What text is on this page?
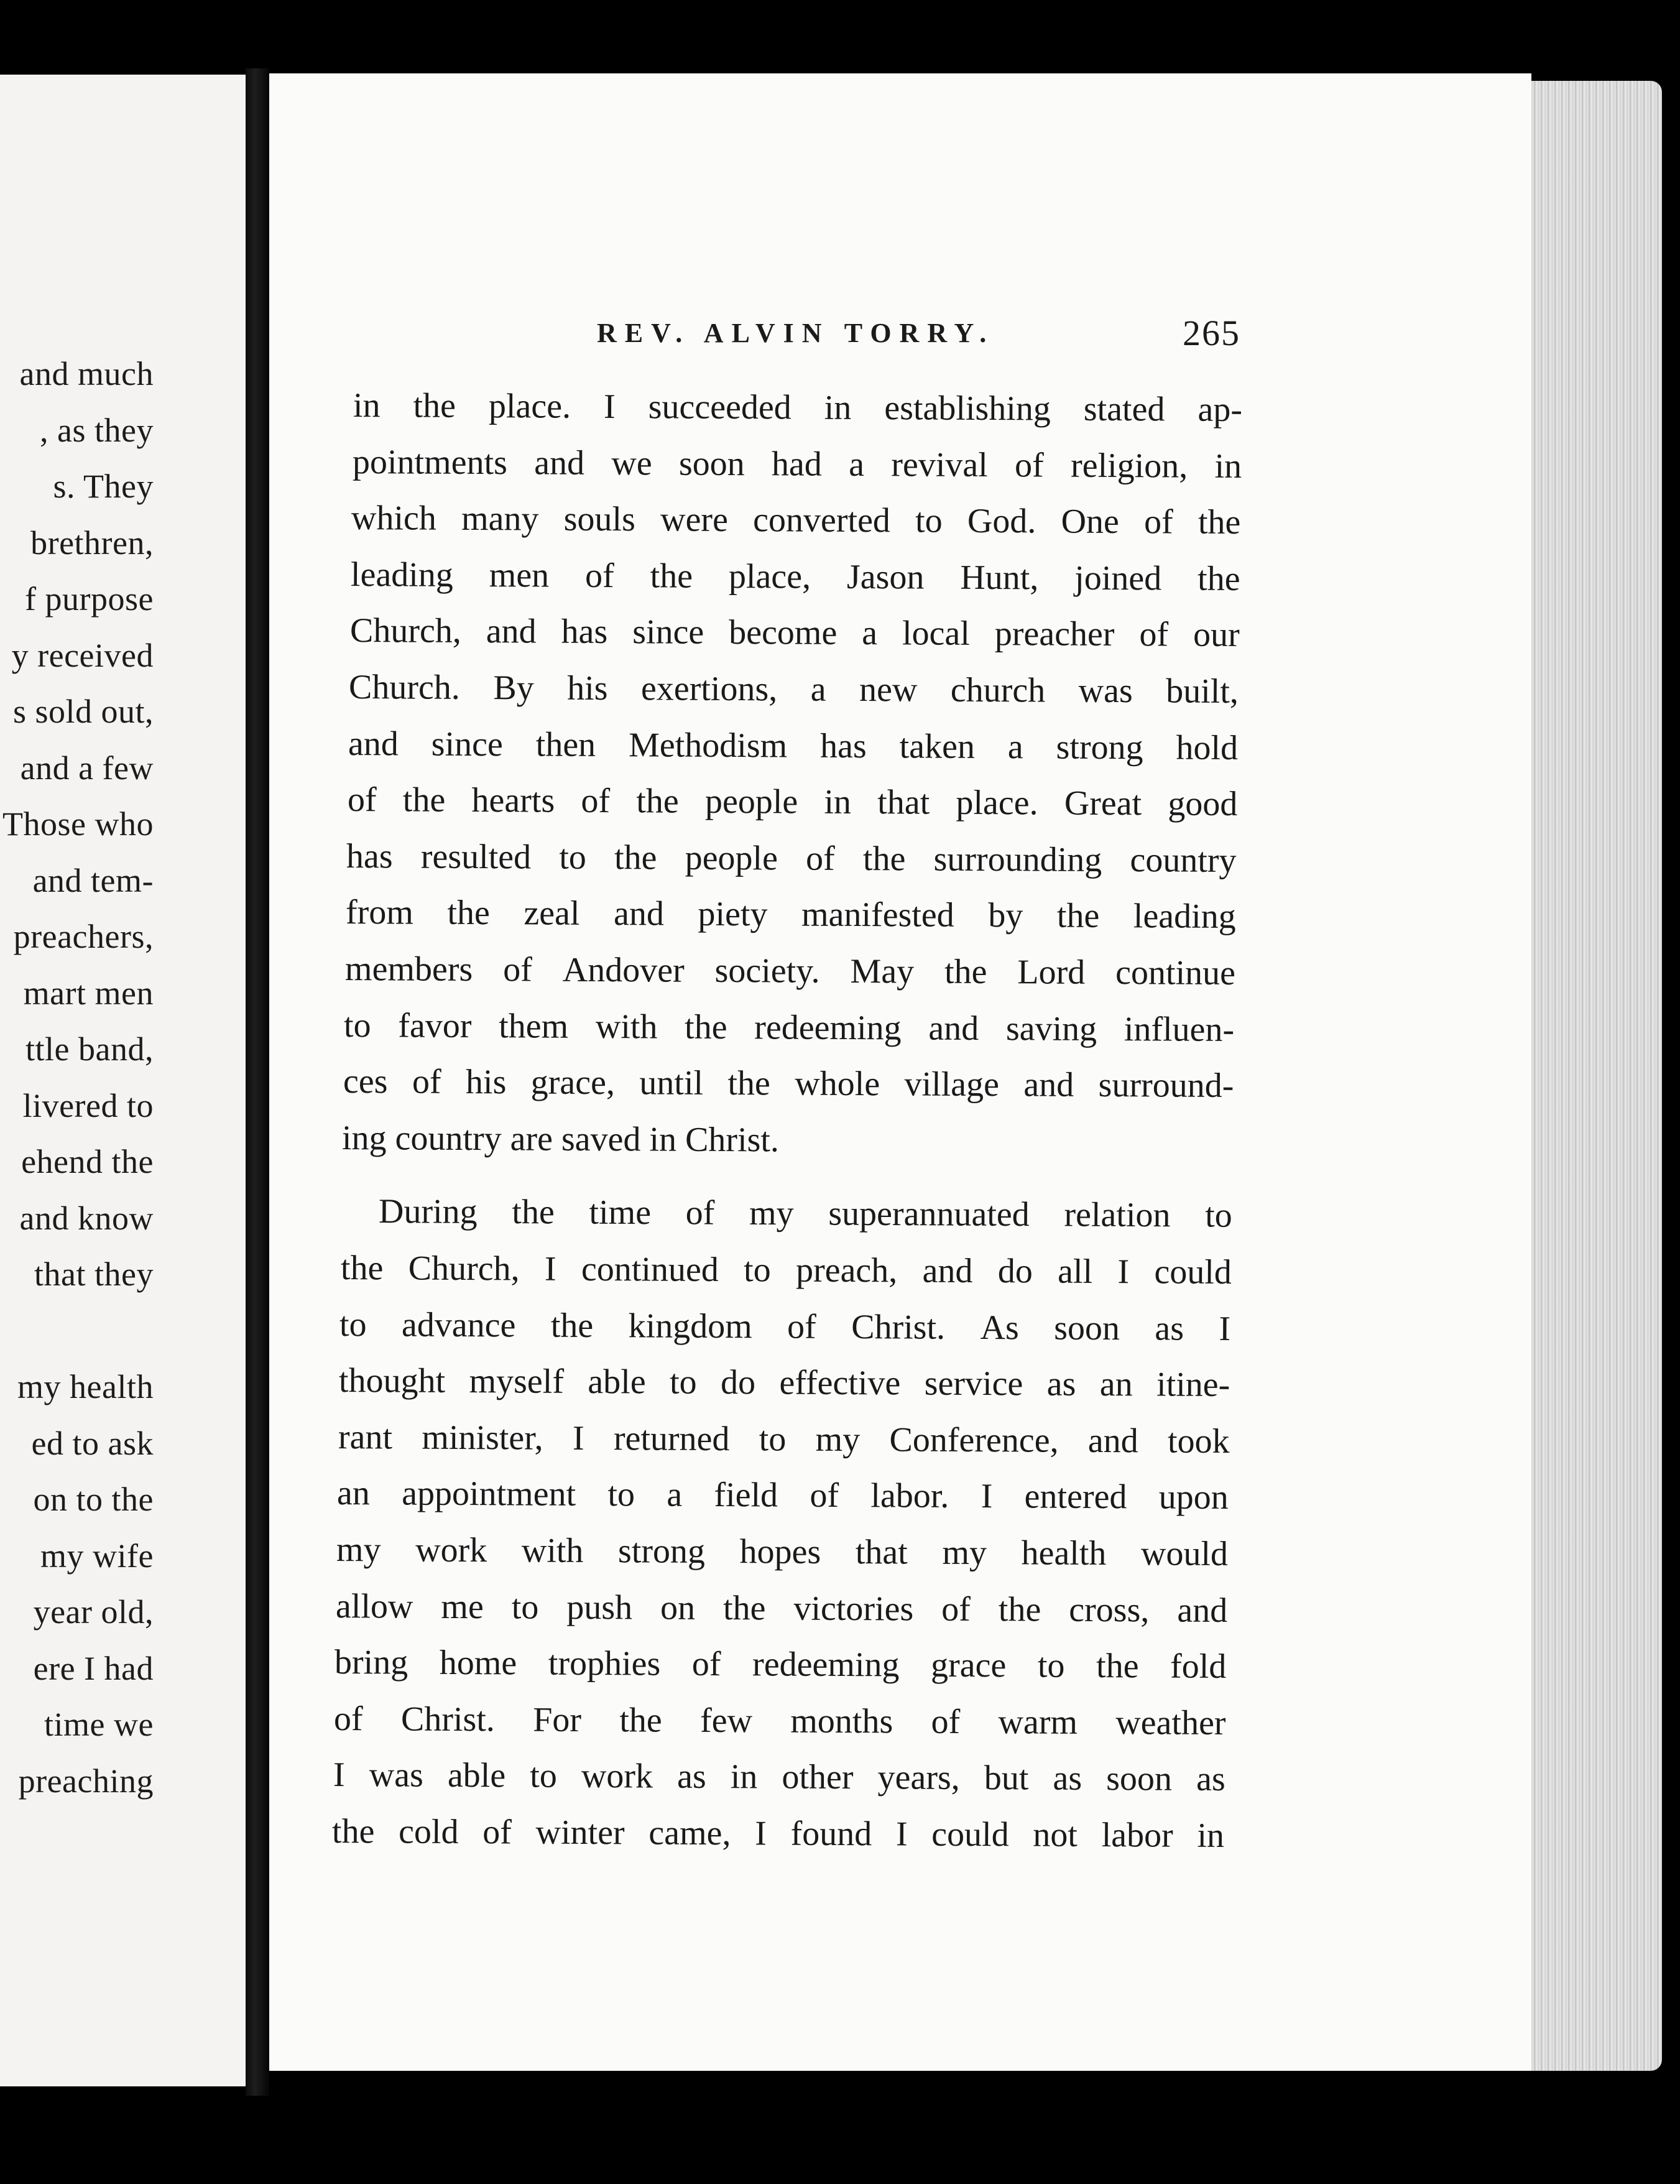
and much
, as they
s. They
brethren,
f purpose
y received
s sold out,
and a few
Those who
and tem-
preachers,
mart men
ttle band,
livered to
ehend the
and know
that they
my health
ed to ask
on to the
my wife
year old,
ere I had
time we
preaching
REV. ALVIN TORRY.	265
in the place. I succeeded in establishing stated ap-
pointments and we soon had a revival of religion, in
which many souls were converted to God. One of the
leading men of the place, Jason Hunt, joined the
Church, and has since become a local preacher of our
Church. By his exertions, a new church was built,
and since then Methodism has taken a strong hold
of the hearts of the people in that place. Great good
has resulted to the people of the surrounding country
from the zeal and piety manifested by the leading
members of Andover society. May the Lord continue
to favor them with the redeeming and saving influen-
ces of his grace, until the whole village and surround-
ing country are saved in Christ.
During the time of my superannuated relation to
the Church, I continued to preach, and do all I could
to advance the kingdom of Christ. As soon as I
thought myself able to do effective service as an itine-
rant minister, I returned to my Conference, and took
an appointment to a field of labor. I entered upon
my work with strong hopes that my health would
allow me to push on the victories of the cross, and
bring home trophies of redeeming grace to the fold
of Christ. For the few months of warm weather
I was able to work as in other years, but as soon as
the cold of winter came, I found I could not labor in
